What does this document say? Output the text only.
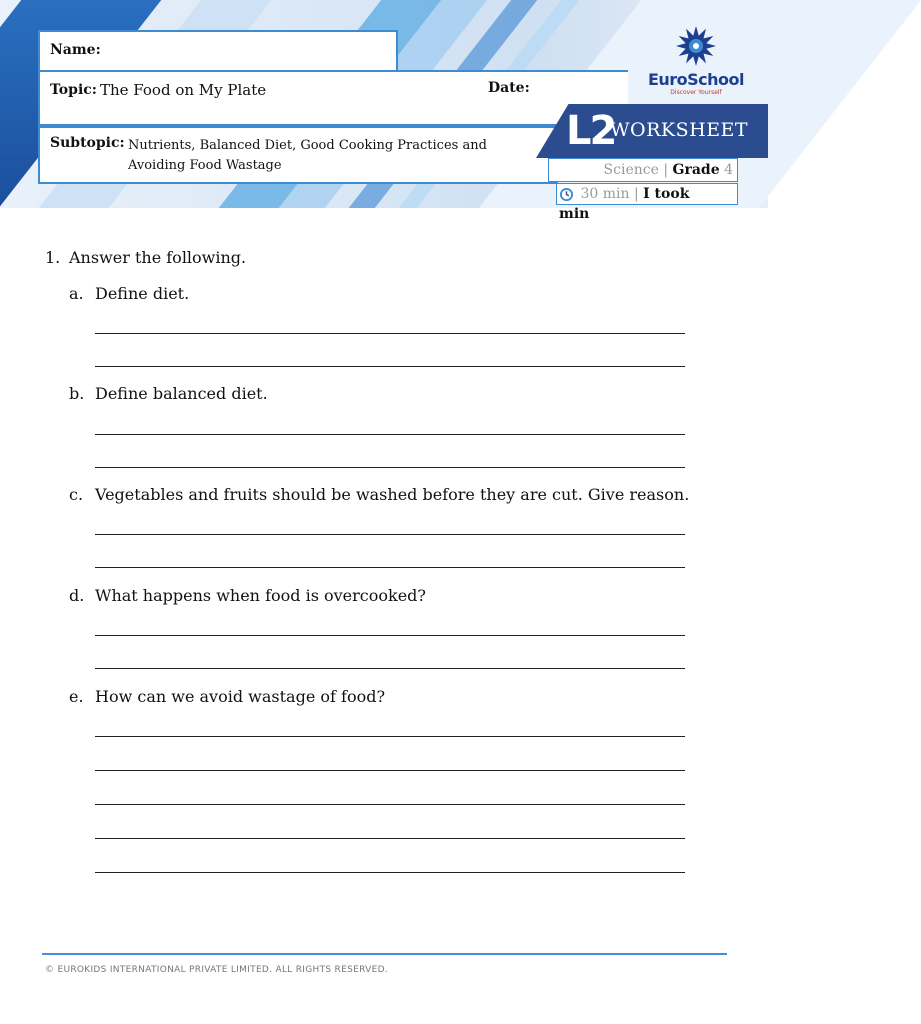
Name:
Topic: The Food on My Plate	Date:
Subtopic: Nutrients, Balanced Diet, Good Cooking Practices and Avoiding Food Wastage
EuroSchool
Discover Yourself
L2
WORKSHEET
Science | Grade 4
30 min | I took  min
1. Answer the following.
a. Define diet.
b. Define balanced diet.
c. Vegetables and fruits should be washed before they are cut. Give reason.
d. What happens when food is overcooked?
e. How can we avoid wastage of food?
© EUROKIDS INTERNATIONAL PRIVATE LIMITED. ALL RIGHTS RESERVED.
